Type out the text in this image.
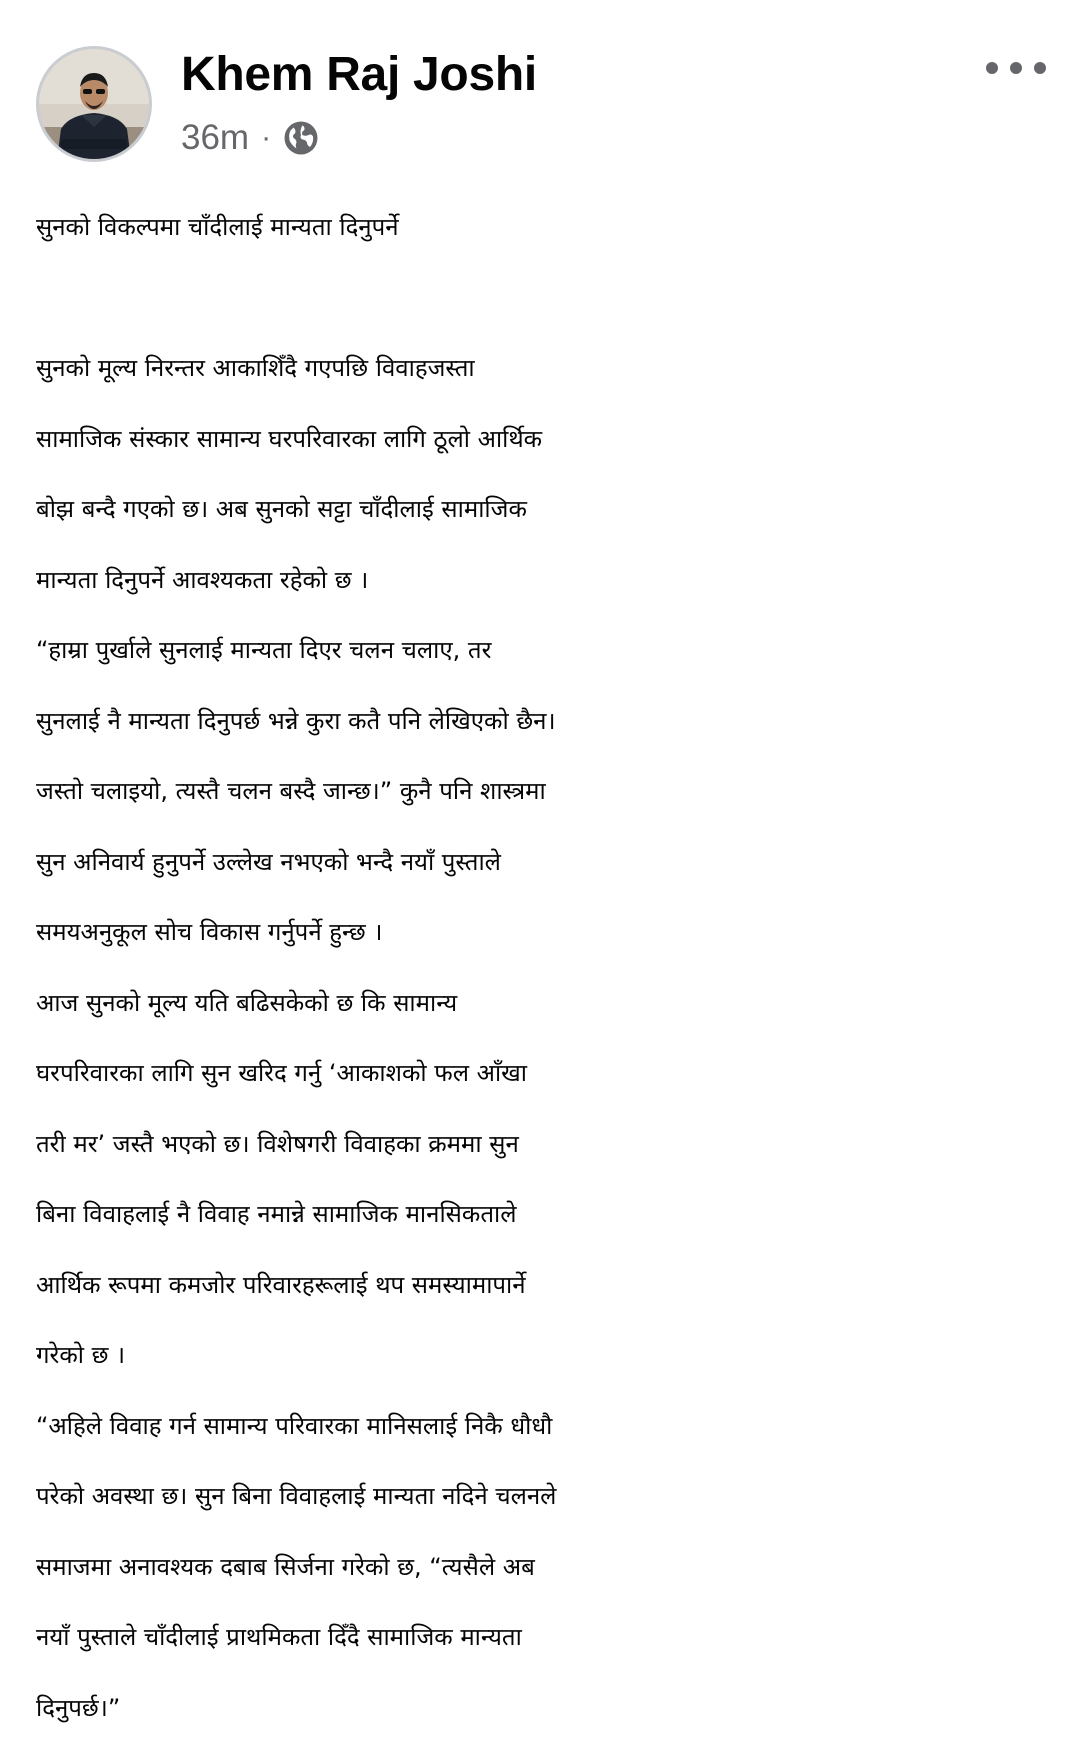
Khem Raj Joshi
36m ·
सुनको विकल्पमा चाँदीलाई मान्यता दिनुपर्ने
सुनको मूल्य निरन्तर आकाशिँदै गएपछि विवाहजस्ता
सामाजिक संस्कार सामान्य घरपरिवारका लागि ठूलो आर्थिक
बोझ बन्दै गएको छ। अब सुनको सट्टा चाँदीलाई सामाजिक
मान्यता दिनुपर्ने आवश्यकता रहेको छ ।
“हाम्रा पुर्खाले सुनलाई मान्यता दिएर चलन चलाए, तर
सुनलाई नै मान्यता दिनुपर्छ भन्ने कुरा कतै पनि लेखिएको छैन।
जस्तो चलाइयो, त्यस्तै चलन बस्दै जान्छ।” कुनै पनि शास्त्रमा
सुन अनिवार्य हुनुपर्ने उल्लेख नभएको भन्दै नयाँ पुस्ताले
समयअनुकूल सोच विकास गर्नुपर्ने हुन्छ ।
आज सुनको मूल्य यति बढिसकेको छ कि सामान्य
घरपरिवारका लागि सुन खरिद गर्नु ‘आकाशको फल आँखा
तरी मर’ जस्तै भएको छ। विशेषगरी विवाहका क्रममा सुन
बिना विवाहलाई नै विवाह नमान्ने सामाजिक मानसिकताले
आर्थिक रूपमा कमजोर परिवारहरूलाई थप समस्यामापार्ने
गरेको छ ।
“अहिले विवाह गर्न सामान्य परिवारका मानिसलाई निकै धौधौ
परेको अवस्था छ। सुन बिना विवाहलाई मान्यता नदिने चलनले
समाजमा अनावश्यक दबाब सिर्जना गरेको छ, “त्यसैले अब
नयाँ पुस्ताले चाँदीलाई प्राथमिकता दिँदै सामाजिक मान्यता
दिनुपर्छ।”
